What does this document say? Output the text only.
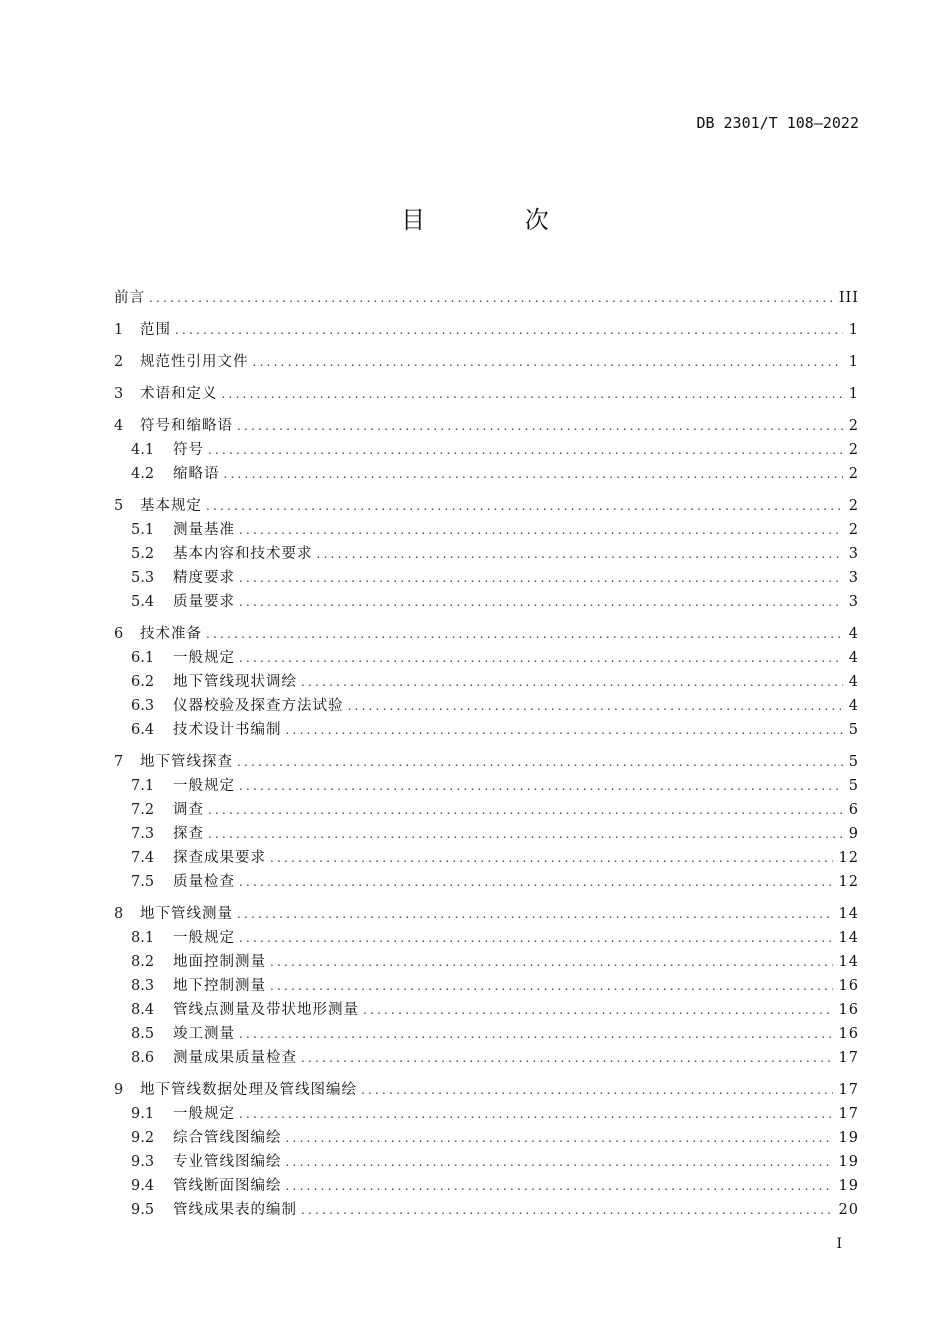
DB 2301/T 108—2022
目 次
前言 .....	III
1	范围 .....	1
2	规范性引用文件 .....	1
3	术语和定义 .....	1
4	符号和缩略语 .....	2
4.1	符号 .....	2
4.2	缩略语 .....	2
5	基本规定 .....	2
5.1	测量基准 .....	2
5.2	基本内容和技术要求 .....	3
5.3	精度要求 .....	3
5.4	质量要求 .....	3
6	技术准备 .....	4
6.1	一般规定 .....	4
6.2	地下管线现状调绘 .....	4
6.3	仪器校验及探查方法试验 .....	4
6.4	技术设计书编制 .....	5
7	地下管线探查 .....	5
7.1	一般规定 .....	5
7.2	调查 .....	6
7.3	探查 .....	9
7.4	探查成果要求 .....	12
7.5	质量检查 .....	12
8	地下管线测量 .....	14
8.1	一般规定 .....	14
8.2	地面控制测量 .....	14
8.3	地下控制测量 .....	16
8.4	管线点测量及带状地形测量 .....	16
8.5	竣工测量 .....	16
8.6	测量成果质量检查 .....	17
9	地下管线数据处理及管线图编绘 .....	17
9.1	一般规定 .....	17
9.2	综合管线图编绘 .....	19
9.3	专业管线图编绘 .....	19
9.4	管线断面图编绘 .....	19
9.5	管线成果表的编制 .....	20
I
